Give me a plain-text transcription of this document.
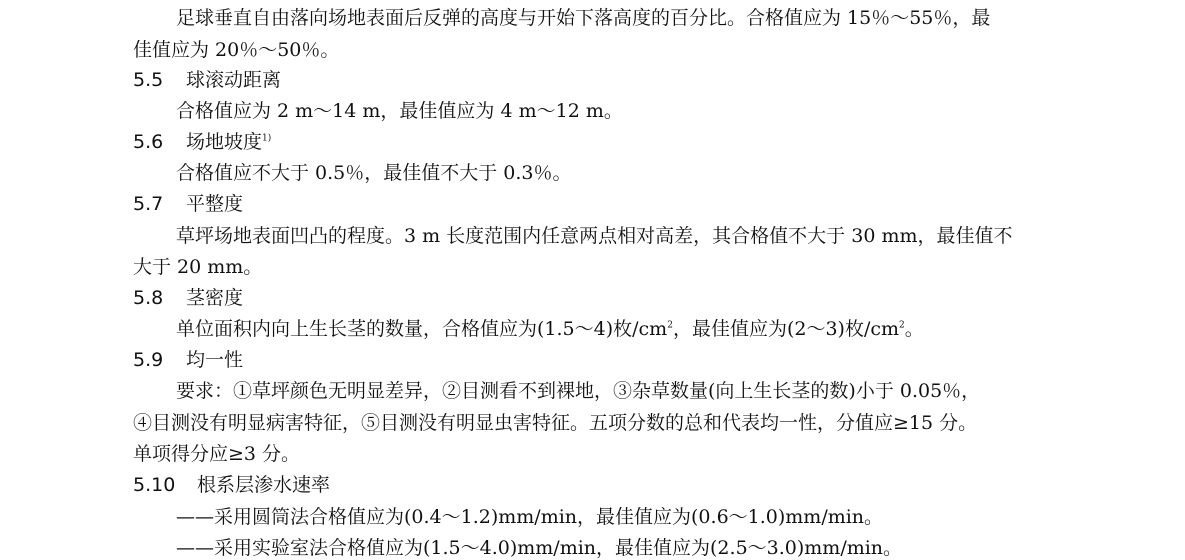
足球垂直自由落向场地表面后反弹的高度与开始下落高度的百分比。合格值应为 15％～55％，最
佳值应为 20％～50％。
5.5 球滚动距离
合格值应为 2 m～14 m，最佳值应为 4 m～12 m。
5.6 场地坡度$^{1)}$
合格值应不大于 0.5％，最佳值不大于 0.3％。
5.7 平整度
草坪场地表面凹凸的程度。3 m 长度范围内任意两点相对高差，其合格值不大于 30 mm，最佳值不
大于 20 mm。
5.8 茎密度
单位面积内向上生长茎的数量，合格值应为(1.5～4)枚$/cm^2$，最佳值应为(2～3)枚$/cm^2$。
5.9 均一性
要求：①草坪颜色无明显差异，②目测看不到裸地，③杂草数量(向上生长茎的数)小于 0.05％，
④目测没有明显病害特征，⑤目测没有明显虫害特征。五项分数的总和代表均一性，分值应≥15 分。
单项得分应≥3 分。
5.10 根系层渗水速率
——采用圆筒法合格值应为(0.4～1.2)mm/min，最佳值应为(0.6～1.0)mm/min。
——采用实验室法合格值应为(1.5～4.0)mm/min，最佳值应为(2.5～3.0)mm/min。
